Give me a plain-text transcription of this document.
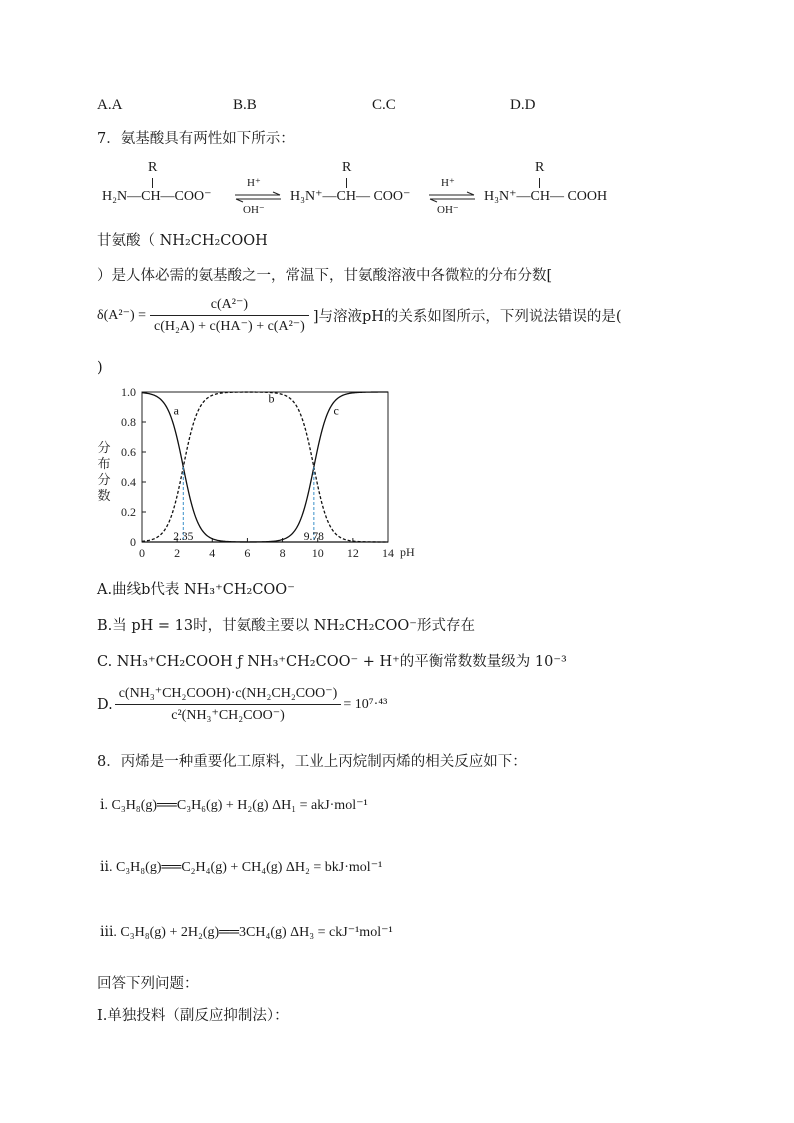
A.A	B.B	C.C	D.D
7．氨基酸具有两性如下所示：
R
H₂N—CH—COO⁻
H⁺
OH⁻
R
H₃N⁺—CH— COO⁻
H⁺
OH⁻
R
H₃N⁺—CH— COOH
甘氨酸（ NH₂CH₂COOH
）是人体必需的氨基酸之一，常温下，甘氨酸溶液中各微粒的分布分数[
$\delta(A^{2-}) = \frac{\text{c(A²⁻)}}{\text{c(H₂A) + c(HA⁻) + c(A²⁻)}}$ ]与溶液pH的关系如图所示，下列说法错误的是(
)
0 2 4 6 8 10 12 14
0
0.2
0.4
0.6
0.8
1.0
pH
分
布
分
数
a
b
c
2.35	9.78
A.曲线b代表 NH₃⁺CH₂COO⁻
B.当 pH = 13时，甘氨酸主要以 NH₂CH₂COO⁻形式存在
C. NH₃⁺CH₂COOH ƒ NH₃⁺CH₂COO⁻ + H⁺的平衡常数数量级为 10⁻³
D. $\frac{\text{c(NH₃⁺CH₂COOH)·c(NH₂CH₂COO⁻)}}{\text{c²(NH₃⁺CH₂COO⁻)}} = 10^7\cdot^{43}$
8．丙烯是一种重要化工原料，工业上丙烷制丙烯的相关反应如下：
ⅰ. C₃H₈(g)══C₃H₆(g) + H₂(g) ΔH₁ = akJ·mol⁻¹
ⅱ. C₃H₈(g)══C₂H₄(g) + CH₄(g) ΔH₂ = bkJ·mol⁻¹
ⅲ. C₃H₈(g) + 2H₂(g)══3CH₄(g) ΔH₃ = ckJ⁻¹mol⁻¹
回答下列问题：
Ⅰ.单独投料（副反应抑制法）：
